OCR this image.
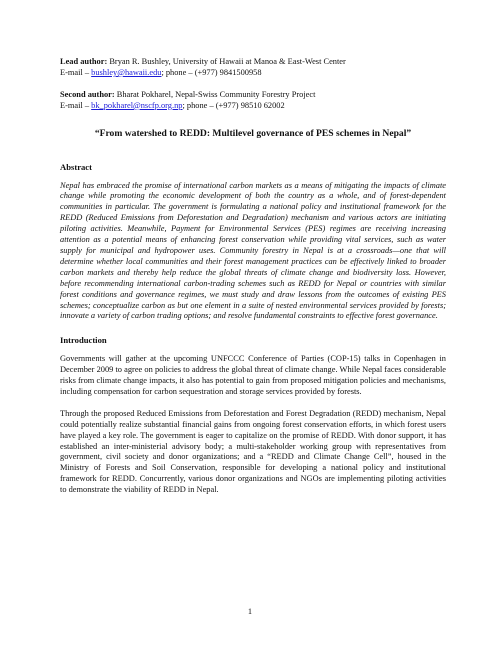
Lead author: Bryan R. Bushley, University of Hawaii at Manoa & East-West Center

E-mail – bushley@hawaii.edu; phone – (+977) 9841500958

Second author: Bharat Pokharel, Nepal-Swiss Community Forestry Project

E-mail – bk_pokharel@nscfp.org.np; phone – (+977) 98510 62002

“From watershed to REDD: Multilevel governance of PES schemes in Nepal”
Abstract

Nepal has embraced the promise of international carbon markets as a means of mitigating the impacts of climate change while promoting the economic development of both the country as a whole, and of forest-dependent communities in particular. The government is formulating a national policy and institutional framework for the REDD (Reduced Emissions from Deforestation and Degradation) mechanism and various actors are initiating piloting activities. Meanwhile, Payment for Environmental Services (PES) regimes are receiving increasing attention as a potential means of enhancing forest conservation while providing vital services, such as water supply for municipal and hydropower uses. Community forestry in Nepal is at a crossroads—one that will determine whether local communities and their forest management practices can be effectively linked to broader carbon markets and thereby help reduce the global threats of climate change and biodiversity loss. However, before recommending international carbon-trading schemes such as REDD for Nepal or countries with similar forest conditions and governance regimes, we must study and draw lessons from the outcomes of existing PES schemes; conceptualize carbon as but one element in a suite of nested environmental services provided by forests; innovate a variety of carbon trading options; and resolve fundamental constraints to effective forest governance.

Introduction

Governments will gather at the upcoming UNFCCC Conference of Parties (COP-15) talks in Copenhagen in December 2009 to agree on policies to address the global threat of climate change. While Nepal faces considerable risks from climate change impacts, it also has potential to gain from proposed mitigation policies and mechanisms, including compensation for carbon sequestration and storage services provided by forests.

Through the proposed Reduced Emissions from Deforestation and Forest Degradation (REDD) mechanism, Nepal could potentially realize substantial financial gains from ongoing forest conservation efforts, in which forest users have played a key role. The government is eager to capitalize on the promise of REDD. With donor support, it has established an inter-ministerial advisory body; a multi-stakeholder working group with representatives from government, civil society and donor organizations; and a “REDD and Climate Change Cell”, housed in the Ministry of Forests and Soil Conservation, responsible for developing a national policy and institutional framework for REDD. Concurrently, various donor organizations and NGOs are implementing piloting activities to demonstrate the viability of REDD in Nepal.

1
